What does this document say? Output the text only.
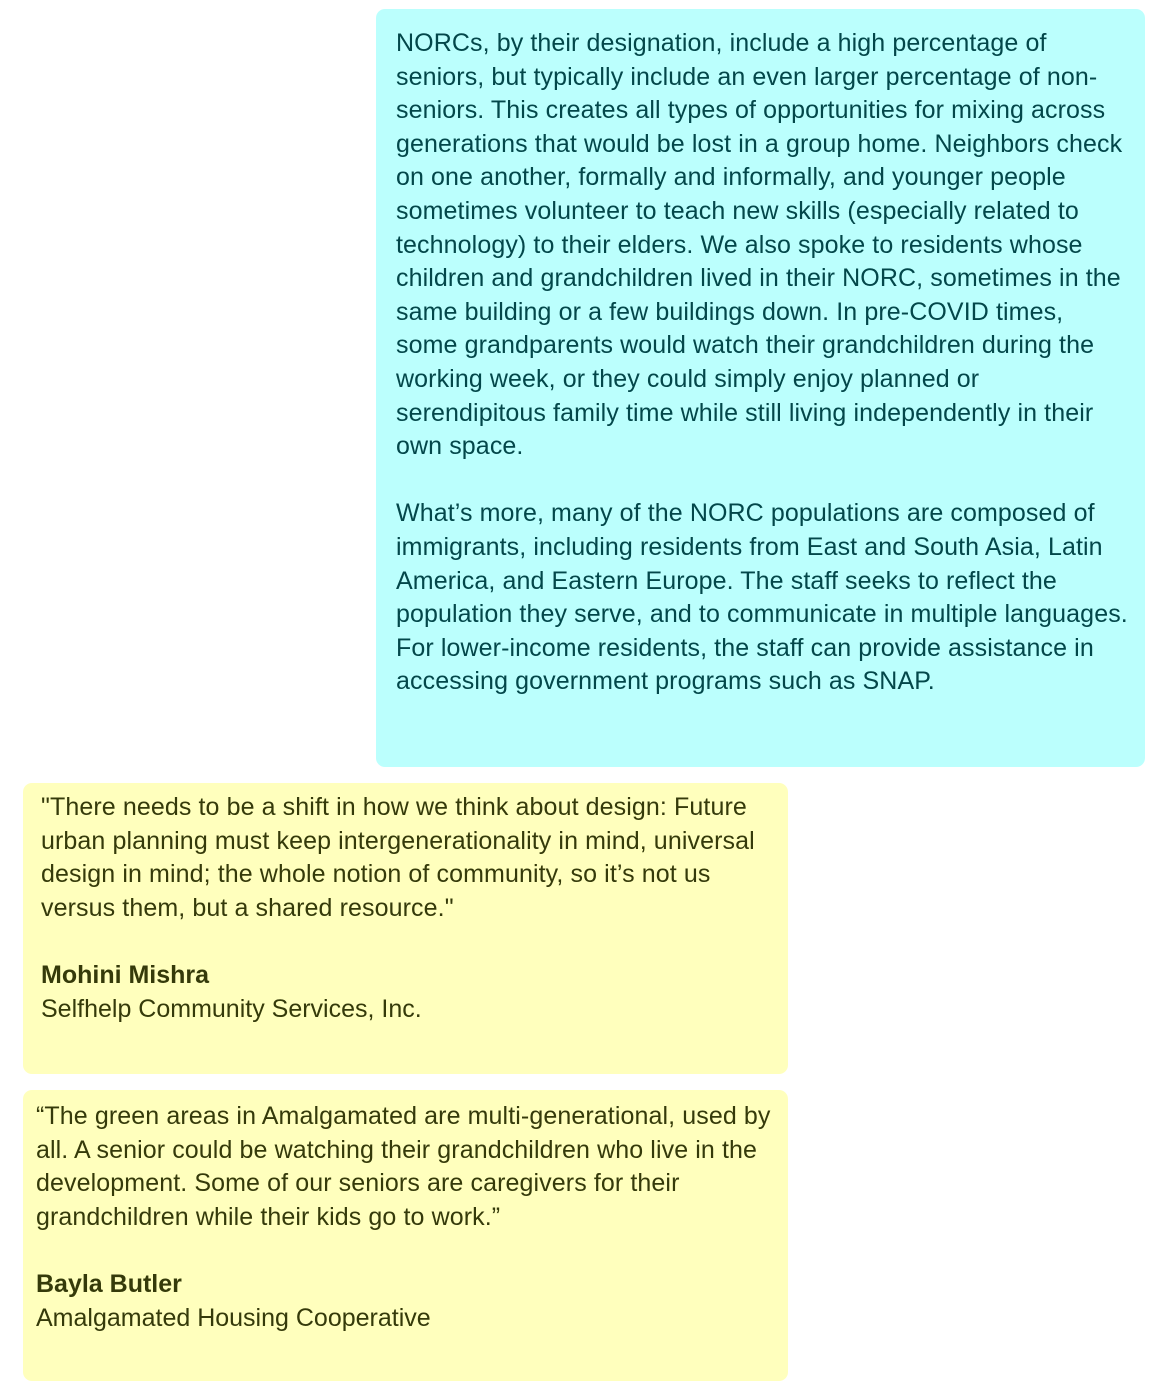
NORCs, by their designation, include a high percentage of seniors, but typically include an even larger percentage of non-seniors. This creates all types of opportunities for mixing across generations that would be lost in a group home. Neighbors check on one another, formally and informally, and younger people sometimes volunteer to teach new skills (especially related to technology) to their elders. We also spoke to residents whose children and grandchildren lived in their NORC, sometimes in the same building or a few buildings down. In pre-COVID times, some grandparents would watch their grandchildren during the working week, or they could simply enjoy planned or serendipitous family time while still living independently in their own space.

What’s more, many of the NORC populations are composed of immigrants, including residents from East and South Asia, Latin America, and Eastern Europe. The staff seeks to reflect the population they serve, and to communicate in multiple languages. For lower-income residents, the staff can provide assistance in accessing government programs such as SNAP.

"There needs to be a shift in how we think about design: Future urban planning must keep intergenerationality in mind, universal design in mind; the whole notion of community, so it’s not us versus them, but a shared resource."

Mohini Mishra

Selfhelp Community Services, Inc.

“The green areas in Amalgamated are multi-generational, used by all. A senior could be watching their grandchildren who live in the development. Some of our seniors are caregivers for their grandchildren while their kids go to work.”

Bayla Butler

Amalgamated Housing Cooperative
